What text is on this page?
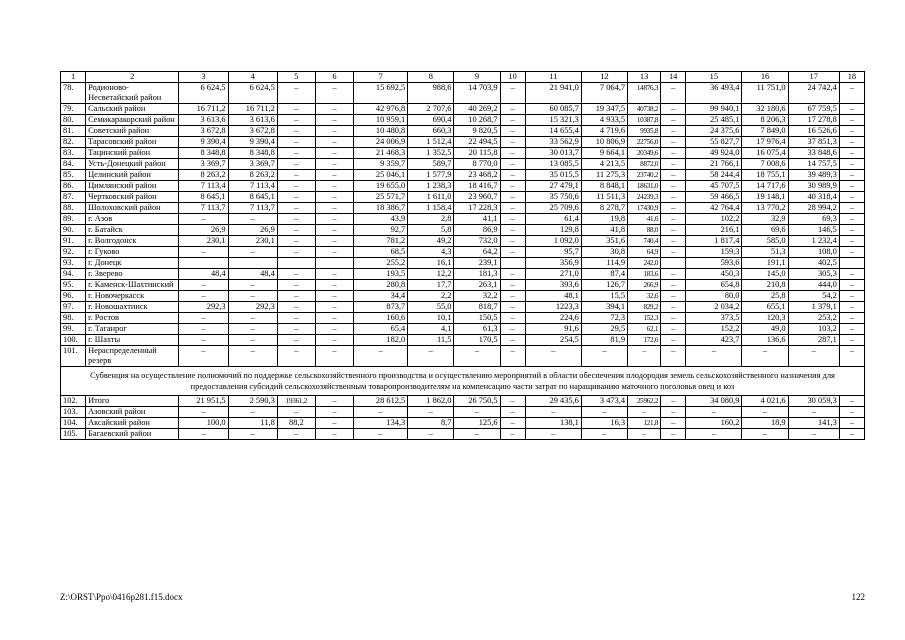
1	2	3	4	5	6	7	8	9	10	11	12	13	14	15	16	17	18
78.	Родионово-Несветайский район	6 624,5	6 624,5	–	–	15 692,5	988,6	14 703,9	–	21 941,0	7 064,7	14876,3	–	36 493,4	11 751,0	24 742,4	–
79.	Сальский район	16 711,2	16 711,2	–	–	42 976,8	2 707,6	40 269,2	–	60 085,7	19 347,5	40738,2	–	99 940,1	32 180,6	67 759,5	–
80.	Семикаракорский район	3 613,6	3 613,6	–	–	10 959,1	690,4	10 268,7	–	15 321,3	4 933,5	10387,8	–	25 485,1	8 206,3	17 278,8	–
81.	Советский район	3 672,8	3 672,8	–	–	10 480,8	660,3	9 820,5	–	14 655,4	4 719,6	9935,8	–	24 375,6	7 849,0	16 526,6	–
82.	Тарасовский район	9 390,4	9 390,4	–	–	24 006,9	1 512,4	22 494,5	–	33 562,9	10 806,9	22756,0	–	55 827,7	17 976,4	37 851,3	–
83.	Тацинский район	8 348,8	8 348,8	–	–	21 468,3	1 352,5	20 115,8	–	30 013,7	9 664,1	20349,6	–	49 924,0	16 075,4	33 848,6	–
84.	Усть-Донецкий район	3 369,7	3 369,7	–	–	9 359,7	589,7	8 770,0	–	13 085,5	4 213,5	8872,0	–	21 766,1	7 008,6	14 757,5	–
85.	Целинский район	8 263,2	8 263,2	–	–	25 046,1	1 577,9	23 468,2	–	35 015,5	11 275,3	23740,2	–	58 244,4	18 755,1	39 489,3	–
86.	Цимлянский район	7 113,4	7 113,4	–	–	19 655,0	1 238,3	18 416,7	–	27 479,1	8 848,1	18631,0	–	45 707,5	14 717,6	30 989,9	–
87.	Чертковский район	8 645,1	8 645,1	–	–	25 571,7	1 611,0	23 960,7	–	35 750,6	11 511,3	24239,3	–	59 466,5	19 148,1	40 318,4	–
88.	Шолоховский район	7 113,7	7 113,7	–	–	18 386,7	1 158,4	17 228,3	–	25 709,6	8 278,7	17430,9	–	42 764,4	13 770,2	28 994,2	–
89.	г. Азов	–	–	–	–	43,9	2,8	41,1	–	61,4	19,8	41,6	–	102,2	32,9	69,3	–
90.	г. Батайск	26,9	26,9	–	–	92,7	5,8	86,9	–	129,8	41,8	88,0	–	216,1	69,6	146,5	–
91.	г. Волгодонск	230,1	230,1	–	–	781,2	49,2	732,0	–	1 092,0	351,6	740,4	–	1 817,4	585,0	1 232,4	–
92.	г. Гуково	–	–	–	–	68,5	4,3	64,2	–	95,7	30,8	64,9	–	159,3	51,3	108,0	–
93.	г. Донецк					255,2	16,1	239,1		356,9	114,9	242,0		593,6	191,1	402,5	
94.	г. Зверево	48,4	48,4	–	–	193,5	12,2	181,3	–	271,0	87,4	183,6	–	450,3	145,0	305,3	–
95.	г. Каменск-Шахтинский	–	–	–	–	280,8	17,7	263,1	–	393,6	126,7	266,9	–	654,8	210,8	444,0	–
96.	г. Новочеркасск	–	–	–	–	34,4	2,2	32,2	–	48,1	15,5	32,6	–	80,0	25,8	54,2	–
97.	г. Новошахтинск	292,3	292,3	–	–	873,7	55,0	818,7	–	1223,3	394,1	829,2	–	2 034,2	655,1	1 379,1	–
98.	г. Ростов	–	–	–	–	160,6	10,1	150,5	–	224,6	72,3	152,3	–	373,5	120,3	253,2	–
99.	г. Таганрог	–	–	–	–	65,4	4,1	61,3	–	91,6	29,5	62,1	–	152,2	49,0	103,2	–
100.	г. Шахты	–	–	–	–	182,0	11,5	170,5	–	254,5	81,9	172,6	–	423,7	136,6	287,1	–
101.	Нераспределенный резерв	–	–	–	–	–	–	–	–	–	–	–	–	–	–	–	–
Субвенция на осуществление полномочий по поддержке сельскохозяйственного производства и осуществлению мероприятий в области обеспечения плодородия земель сельскохозяйственного назначения для предоставления субсидий сельскохозяйственным товаропроизводителям на компенсацию части затрат по наращиванию маточного поголовья овец и коз																	
102.	Итого	21 951,5	2 590,3	19361,2	–	28 612,5	1 862,0	26 750,5	–	29 435,6	3 473,4	25962,2	–	34 080,9	4 021,6	30 059,3	–
103.	Азовский район	–	–	–	–	–	–	–	–	–	–	–	–	–	–	–	–
104.	Аксайский район	100,0	11,8	88,2	–	134,3	8,7	125,6	–	138,1	16,3	121,8	–	160,2	18,9	141,3	–
105.	Багаевский район	–	–	–	–	–	–	–	–	–	–	–	–	–	–	–	–
Z:\ORST\Ppo\0416p281.f15.docx	122
